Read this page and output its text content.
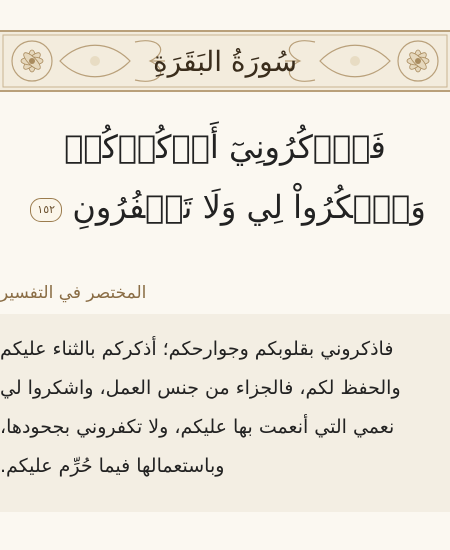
سُورَةُ البَقَرَةِ
فَٱذۡكُرُونِيٓ أَذۡكُرۡكُمۡ
وَٱشۡكُرُواْ لِي وَلَا تَكۡفُرُونِ ١٥٢
المختصر في التفسير
فاذكروني بقلوبكم وجوارحكم؛ أذكركم بالثناء عليكم
والحفظ لكم، فالجزاء من جنس العمل، واشكروا لي
نعمي التي أنعمت بها عليكم، ولا تكفروني بجحودها،
وباستعمالها فيما حُرِّم عليكم.
